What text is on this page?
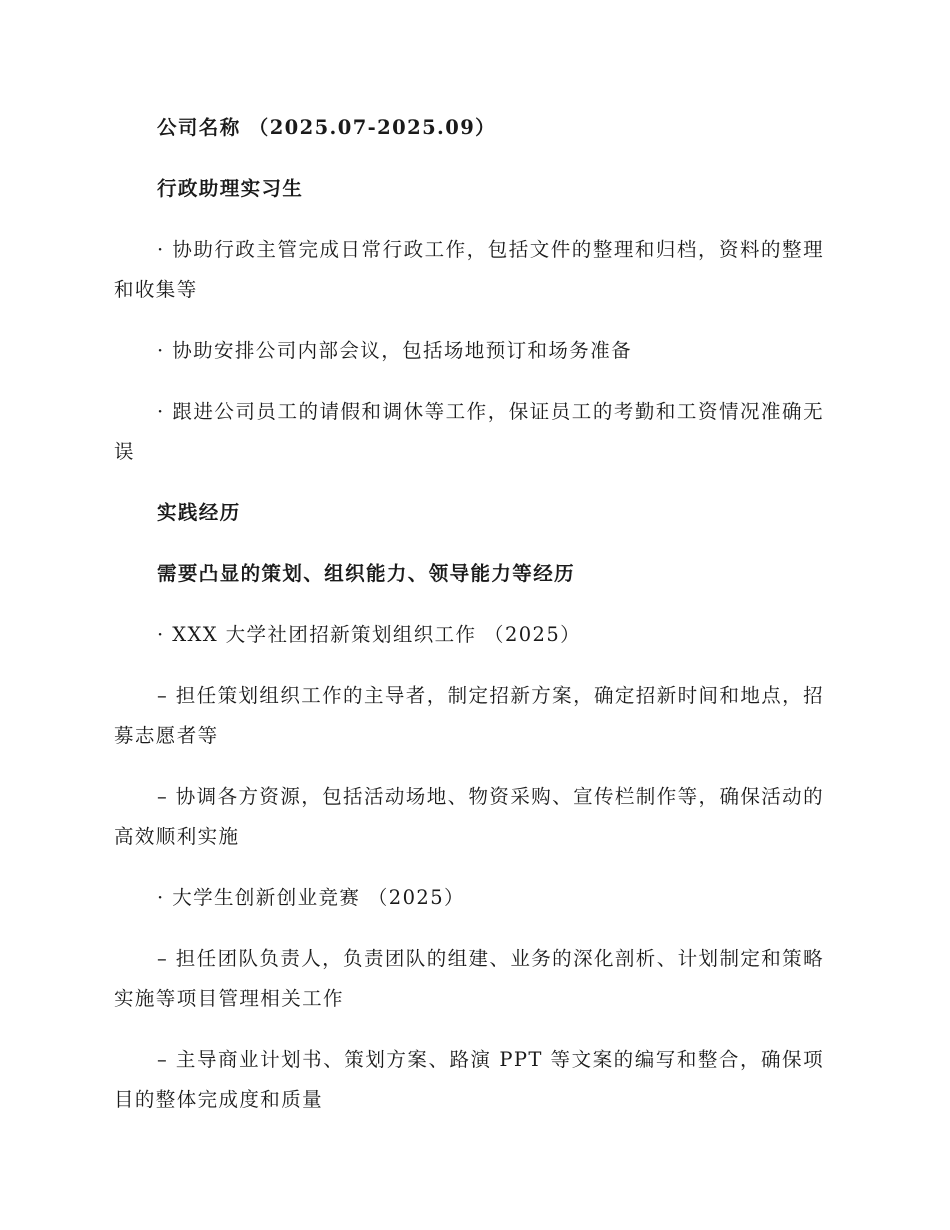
公司名称 （2025.07-2025.09）

行政助理实习生

· 协助行政主管完成日常行政工作，包括文件的整理和归档，资料的整理和收集等

· 协助安排公司内部会议，包括场地预订和场务准备

· 跟进公司员工的请假和调休等工作，保证员工的考勤和工资情况准确无误

实践经历

需要凸显的策划、组织能力、领导能力等经历

· XXX 大学社团招新策划组织工作 （2025）

– 担任策划组织工作的主导者，制定招新方案，确定招新时间和地点，招募志愿者等

– 协调各方资源，包括活动场地、物资采购、宣传栏制作等，确保活动的高效顺利实施

· 大学生创新创业竞赛 （2025）

– 担任团队负责人，负责团队的组建、业务的深化剖析、计划制定和策略实施等项目管理相关工作

– 主导商业计划书、策划方案、路演 PPT 等文案的编写和整合，确保项目的整体完成度和质量
